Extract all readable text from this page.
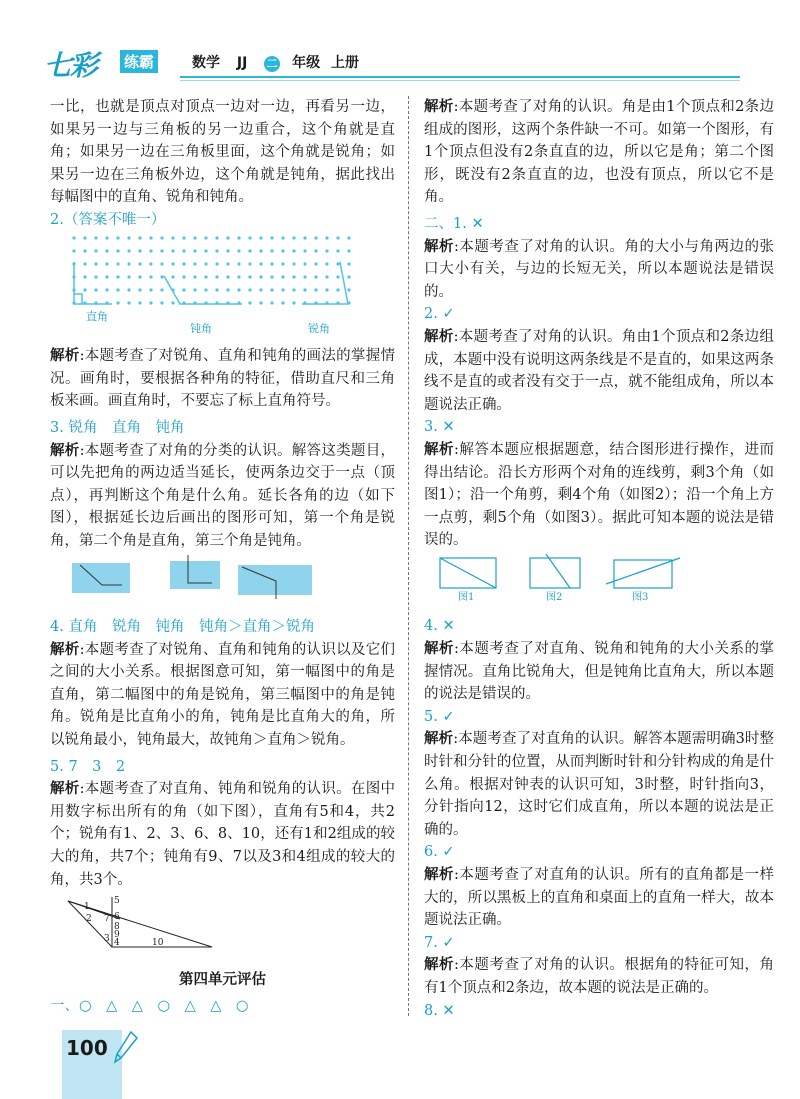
七彩 练霸	数学 JJ 二 年级 上册

一比，也就是顶点对顶点一边对一边，再看另一边，如果另一边与三角板的另一边重合，这个角就是直角；如果另一边在三角板里面，这个角就是锐角；如果另一边在三角板外边，这个角就是钝角，据此找出每幅图中的直角、锐角和钝角。

2.（答案不唯一）

直角
钝角	锐角

解析:本题考查了对锐角、直角和钝角的画法的掌握情况。画角时，要根据各种角的特征，借助直尺和三角板来画。画直角时，不要忘了标上直角符号。

3. 锐角　直角　钝角

解析:本题考查了对角的分类的认识。解答这类题目，可以先把角的两边适当延长，使两条边交于一点（顶点），再判断这个角是什么角。延长各角的边（如下图），根据延长边后画出的图形可知，第一个角是锐角，第二个角是直角，第三个角是钝角。

4. 直角　锐角　钝角　钝角＞直角＞锐角

解析:本题考查了对锐角、直角和钝角的认识以及它们之间的大小关系。根据图意可知，第一幅图中的角是直角，第二幅图中的角是锐角，第三幅图中的角是钝角。锐角是比直角小的角，钝角是比直角大的角，所以锐角最小，钝角最大，故钝角＞直角＞锐角。

5. 7　3　2

解析:本题考查了对直角、钝角和锐角的认识。在图中用数字标出所有的角（如下图），直角有5和4，共2个；锐角有1、2、3、6、8、10，还有1和2组成的较大的角，共7个；钝角有9、7以及3和4组成的较大的角，共3个。

1
2
3 4
5
6
7
8
9
10

第四单元评估

一、○　△　△　○　△　△　○

解析:本题考查了对角的认识。角是由1个顶点和2条边组成的图形，这两个条件缺一不可。如第一个图形，有1个顶点但没有2条直直的边，所以它是角；第二个图形，既没有2条直直的边，也没有顶点，所以它不是角。

二、1. ✕

解析:本题考查了对角的认识。角的大小与角两边的张口大小有关，与边的长短无关，所以本题说法是错误的。

2. ✓

解析:本题考查了对角的认识。角由1个顶点和2条边组成，本题中没有说明这两条线是不是直的，如果这两条线不是直的或者没有交于一点，就不能组成角，所以本题说法正确。

3. ✕

解析:解答本题应根据题意，结合图形进行操作，进而得出结论。沿长方形两个对角的连线剪，剩3个角（如图1）；沿一个角剪，剩4个角（如图2）；沿一个角上方一点剪，剩5个角（如图3）。据此可知本题的说法是错误的。

图1	图2	图3

4. ✕

解析:本题考查了对直角、锐角和钝角的大小关系的掌握情况。直角比锐角大，但是钝角比直角大，所以本题的说法是错误的。

5. ✓

解析:本题考查了对直角的认识。解答本题需明确3时整时针和分针的位置，从而判断时针和分针构成的角是什么角。根据对钟表的认识可知，3时整，时针指向3，分针指向12，这时它们成直角，所以本题的说法是正确的。

6. ✓

解析:本题考查了对直角的认识。所有的直角都是一样大的，所以黑板上的直角和桌面上的直角一样大，故本题说法正确。

7. ✓

解析:本题考查了对角的认识。根据角的特征可知，角有1个顶点和2条边，故本题的说法是正确的。

8. ✕

100
